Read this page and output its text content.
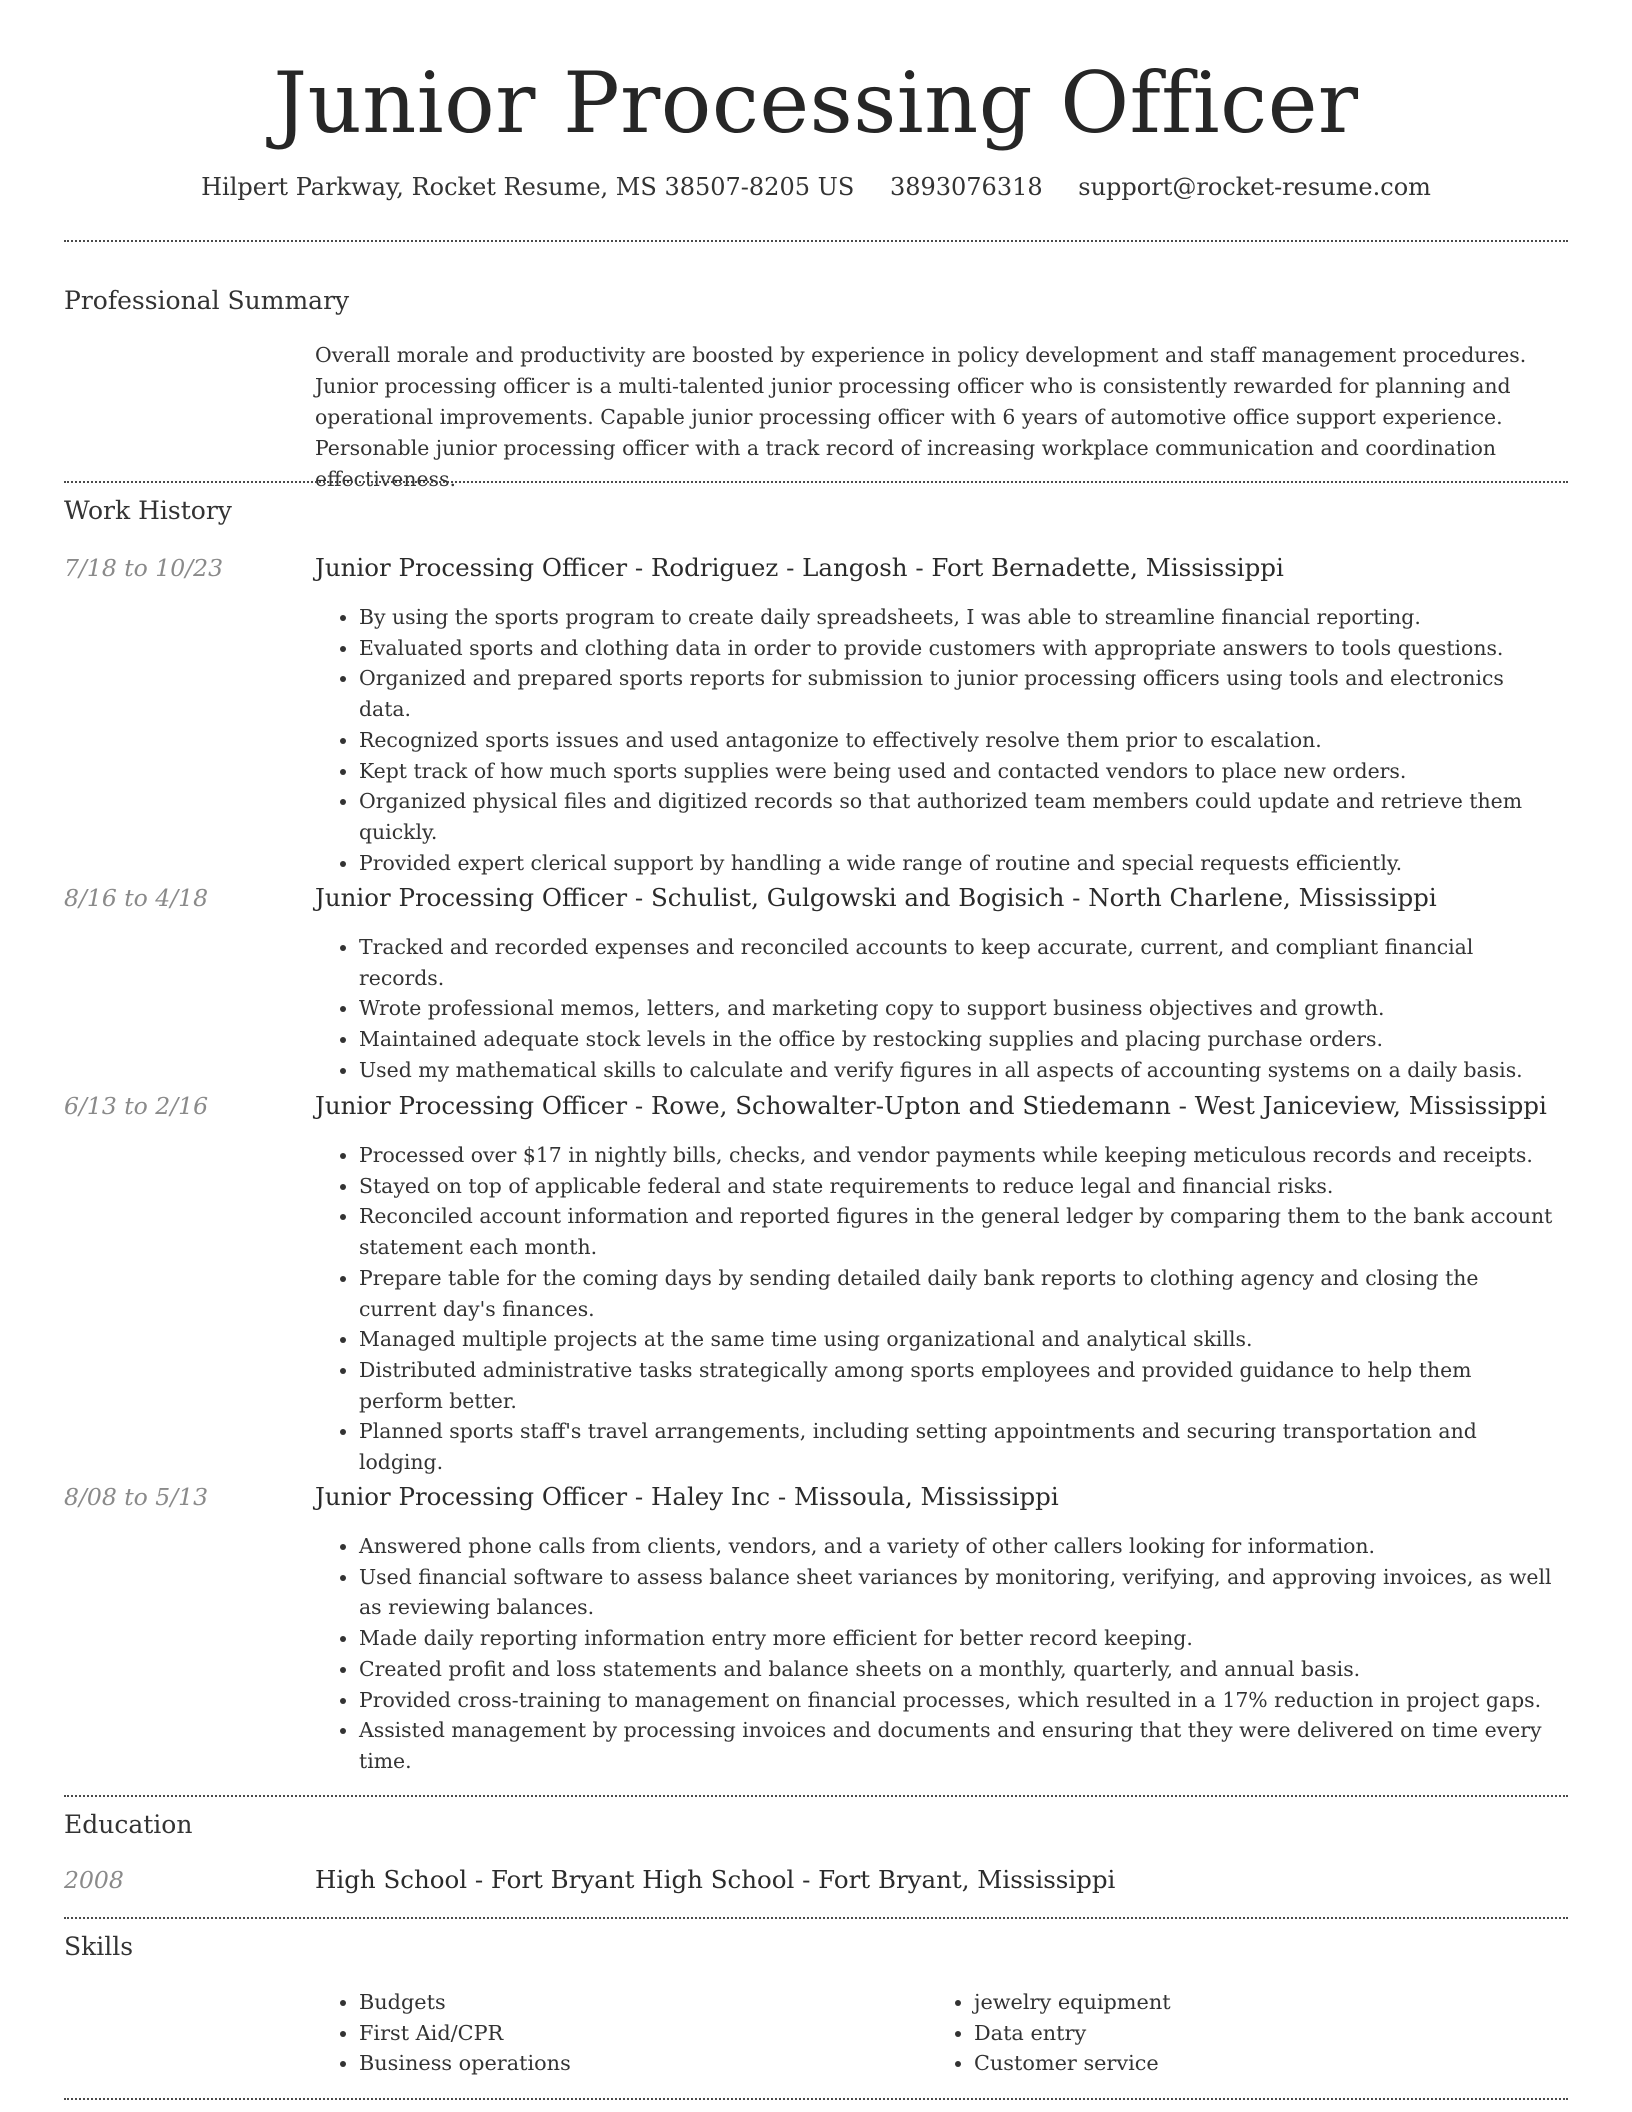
Junior Processing Officer
Hilpert Parkway, Rocket Resume, MS 38507-8205 US 3893076318 support@rocket-resume.com
Professional Summary
Overall morale and productivity are boosted by experience in policy development and staff management procedures. Junior processing officer is a multi-talented junior processing officer who is consistently rewarded for planning and operational improvements. Capable junior processing officer with 6 years of automotive office support experience. Personable junior processing officer with a track record of increasing workplace communication and coordination effectiveness.
Work History
7/18 to 10/23	Junior Processing Officer - Rodriguez - Langosh - Fort Bernadette, Mississippi
• By using the sports program to create daily spreadsheets, I was able to streamline financial reporting.
• Evaluated sports and clothing data in order to provide customers with appropriate answers to tools questions.
• Organized and prepared sports reports for submission to junior processing officers using tools and electronics data.
• Recognized sports issues and used antagonize to effectively resolve them prior to escalation.
• Kept track of how much sports supplies were being used and contacted vendors to place new orders.
• Organized physical files and digitized records so that authorized team members could update and retrieve them quickly.
• Provided expert clerical support by handling a wide range of routine and special requests efficiently.
8/16 to 4/18	Junior Processing Officer - Schulist, Gulgowski and Bogisich - North Charlene, Mississippi
• Tracked and recorded expenses and reconciled accounts to keep accurate, current, and compliant financial records.
• Wrote professional memos, letters, and marketing copy to support business objectives and growth.
• Maintained adequate stock levels in the office by restocking supplies and placing purchase orders.
• Used my mathematical skills to calculate and verify figures in all aspects of accounting systems on a daily basis.
6/13 to 2/16	Junior Processing Officer - Rowe, Schowalter-Upton and Stiedemann - West Janiceview, Mississippi
• Processed over $17 in nightly bills, checks, and vendor payments while keeping meticulous records and receipts.
• Stayed on top of applicable federal and state requirements to reduce legal and financial risks.
• Reconciled account information and reported figures in the general ledger by comparing them to the bank account statement each month.
• Prepare table for the coming days by sending detailed daily bank reports to clothing agency and closing the current day's finances.
• Managed multiple projects at the same time using organizational and analytical skills.
• Distributed administrative tasks strategically among sports employees and provided guidance to help them perform better.
• Planned sports staff's travel arrangements, including setting appointments and securing transportation and lodging.
8/08 to 5/13	Junior Processing Officer - Haley Inc - Missoula, Mississippi
• Answered phone calls from clients, vendors, and a variety of other callers looking for information.
• Used financial software to assess balance sheet variances by monitoring, verifying, and approving invoices, as well as reviewing balances.
• Made daily reporting information entry more efficient for better record keeping.
• Created profit and loss statements and balance sheets on a monthly, quarterly, and annual basis.
• Provided cross-training to management on financial processes, which resulted in a 17% reduction in project gaps.
• Assisted management by processing invoices and documents and ensuring that they were delivered on time every time.
Education
2008	High School - Fort Bryant High School - Fort Bryant, Mississippi
Skills
• Budgets
• First Aid/CPR
• Business operations
• jewelry equipment
• Data entry
• Customer service
